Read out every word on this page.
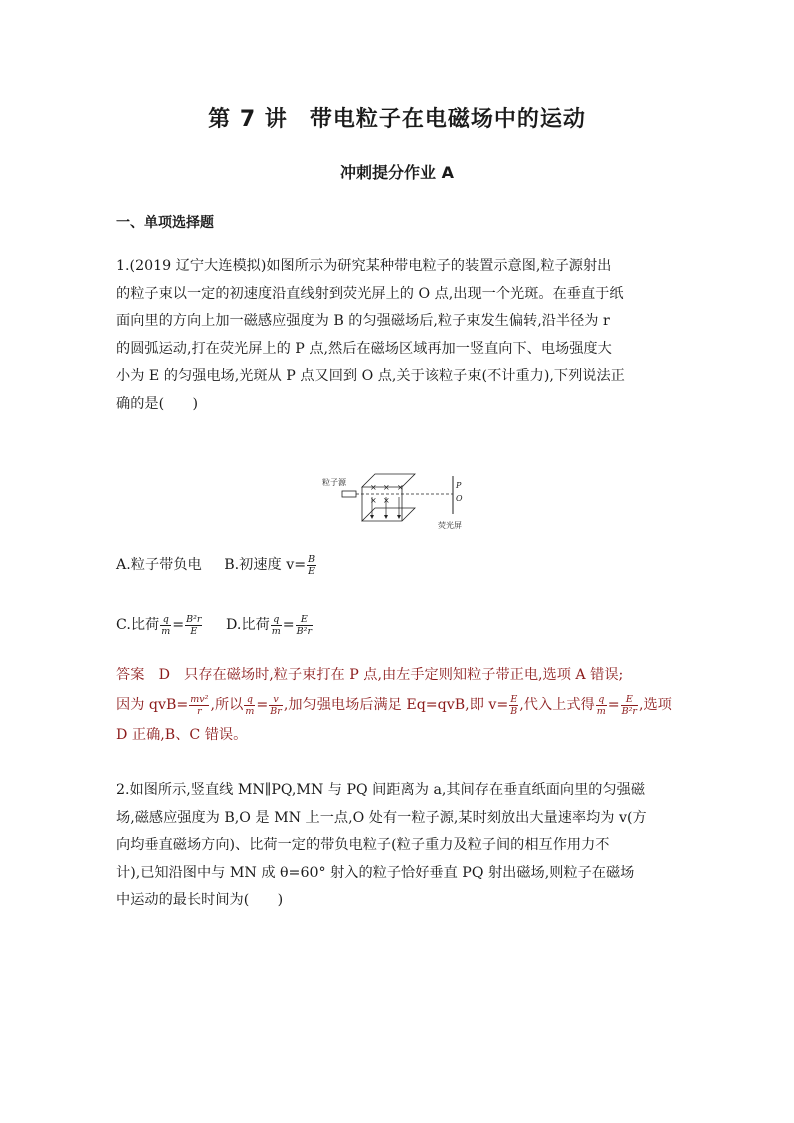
第 7 讲 带电粒子在电磁场中的运动
冲刺提分作业 A
一、单项选择题
1.(2019 辽宁大连模拟)如图所示为研究某种带电粒子的装置示意图,粒子源射出
的粒子束以一定的初速度沿直线射到荧光屏上的 O 点,出现一个光斑。在垂直于纸
面向里的方向上加一磁感应强度为 B 的匀强磁场后,粒子束发生偏转,沿半径为 r
的圆弧运动,打在荧光屏上的 P 点,然后在磁场区域再加一竖直向下、电场强度大
小为 E 的匀强电场,光斑从 P 点又回到 O 点,关于该粒子束(不计重力),下列说法正
确的是(　　)
粒子源
× × ×
× ×
P
O
荧光屏
A.粒子带负电 B.初速度 $v= \frac{B}{E}$
C.比荷 $\frac{q}{m} = \frac{\text{B²r}}{E} D$.比荷 $\frac{q}{m} = \frac{E}{\text{B²r}}$
答案　D　只存在磁场时,粒子束打在 P 点,由左手定则知粒子带正电,选项 A 错误;
因为 $qvB= \frac{\text{mv²}}{r}$ ,所以 $\frac{q}{m} = \frac{v}{Br}$ ,加匀强电场后满足 Eq=qvB,即 $v= \frac{E}{B}$ ,代入上式得 $\frac{q}{m} = \frac{E}{\text{B²r}}$ ,选项
D 正确,B、C 错误。
2.如图所示,竖直线 MN∥PQ,MN 与 PQ 间距离为 a,其间存在垂直纸面向里的匀强磁
场,磁感应强度为 B,O 是 MN 上一点,O 处有一粒子源,某时刻放出大量速率均为 v(方
向均垂直磁场方向)、比荷一定的带负电粒子(粒子重力及粒子间的相互作用力不
计),已知沿图中与 MN 成 θ=60° 射入的粒子恰好垂直 PQ 射出磁场,则粒子在磁场
中运动的最长时间为(　　)
